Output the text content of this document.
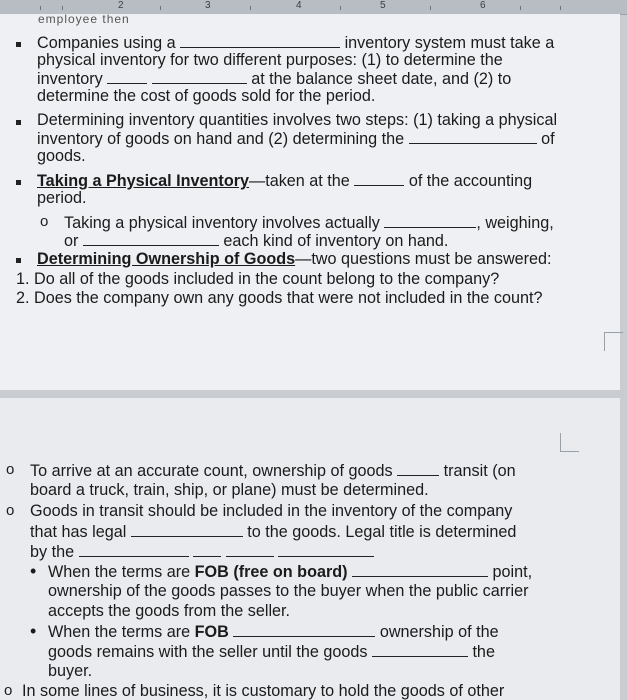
2	3	4	5	6
employee then
Companies using a	inventory system must take a
physical inventory for two different purposes: (1) to determine the
inventory	at the balance sheet date, and (2) to
determine the cost of goods sold for the period.
Determining inventory quantities involves two steps: (1) taking a physical
inventory of goods on hand and (2) determining the	of
goods.
Taking a Physical Inventory—taken at the	of the accounting
period.
o Taking a physical inventory involves actually	, weighing,
or	each kind of inventory on hand.
Determining Ownership of Goods—two questions must be answered:
1. Do all of the goods included in the count belong to the company?
2. Does the company own any goods that were not included in the count?
o To arrive at an accurate count, ownership of goods	transit (on
board a truck, train, ship, or plane) must be determined.
o Goods in transit should be included in the inventory of the company
that has legal	to the goods. Legal title is determined
by the
• When the terms are FOB (free on board)	point,
ownership of the goods passes to the buyer when the public carrier
accepts the goods from the seller.
• When the terms are FOB	ownership of the
goods remains with the seller until the goods	the
buyer.
o In some lines of business, it is customary to hold the goods of other
